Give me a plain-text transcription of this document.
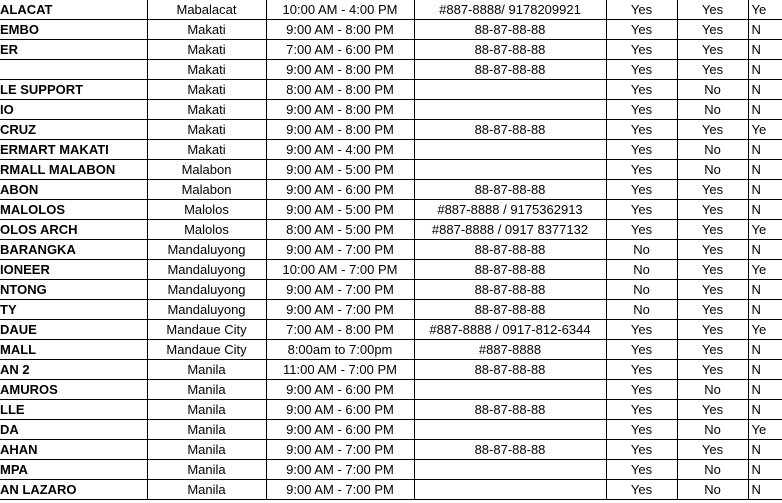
ALACAT	Mabalacat	10:00 AM - 4:00 PM	#887-8888/ 9178209921	Yes	Yes	Ye
EMBO	Makati	9:00 AM - 8:00 PM	88-87-88-88	Yes	Yes	N
ER	Makati	7:00 AM - 6:00 PM	88-87-88-88	Yes	Yes	N
	Makati	9:00 AM - 8:00 PM	88-87-88-88	Yes	Yes	N
LE SUPPORT	Makati	8:00 AM - 8:00 PM		Yes	No	N
IO	Makati	9:00 AM - 8:00 PM		Yes	No	N
CRUZ	Makati	9:00 AM - 8:00 PM	88-87-88-88	Yes	Yes	Ye
ERMART MAKATI	Makati	9:00 AM - 4:00 PM		Yes	No	N
RMALL MALABON	Malabon	9:00 AM - 5:00 PM		Yes	No	N
ABON	Malabon	9:00 AM - 6:00 PM	88-87-88-88	Yes	Yes	N
MALOLOS	Malolos	9:00 AM - 5:00 PM	#887-8888 / 9175362913	Yes	Yes	N
OLOS ARCH	Malolos	8:00 AM - 5:00 PM	#887-8888 / 0917 8377132	Yes	Yes	Ye
BARANGKA	Mandaluyong	9:00 AM - 7:00 PM	88-87-88-88	No	Yes	N
IONEER	Mandaluyong	10:00 AM - 7:00 PM	88-87-88-88	No	Yes	Ye
NTONG	Mandaluyong	9:00 AM - 7:00 PM	88-87-88-88	No	Yes	N
TY	Mandaluyong	9:00 AM - 7:00 PM	88-87-88-88	No	Yes	N
DAUE	Mandaue City	7:00 AM - 8:00 PM	#887-8888 / 0917-812-6344	Yes	Yes	Ye
MALL	Mandaue City	8:00am to 7:00pm	#887-8888	Yes	Yes	N
AN 2	Manila	11:00 AM - 7:00 PM	88-87-88-88	Yes	Yes	N
AMUROS	Manila	9:00 AM - 6:00 PM		Yes	No	N
LLE	Manila	9:00 AM - 6:00 PM	88-87-88-88	Yes	Yes	N
DA	Manila	9:00 AM - 6:00 PM		Yes	No	Ye
AHAN	Manila	9:00 AM - 7:00 PM	88-87-88-88	Yes	Yes	N
MPA	Manila	9:00 AM - 7:00 PM		Yes	No	N
AN LAZARO	Manila	9:00 AM - 7:00 PM		Yes	No	N
